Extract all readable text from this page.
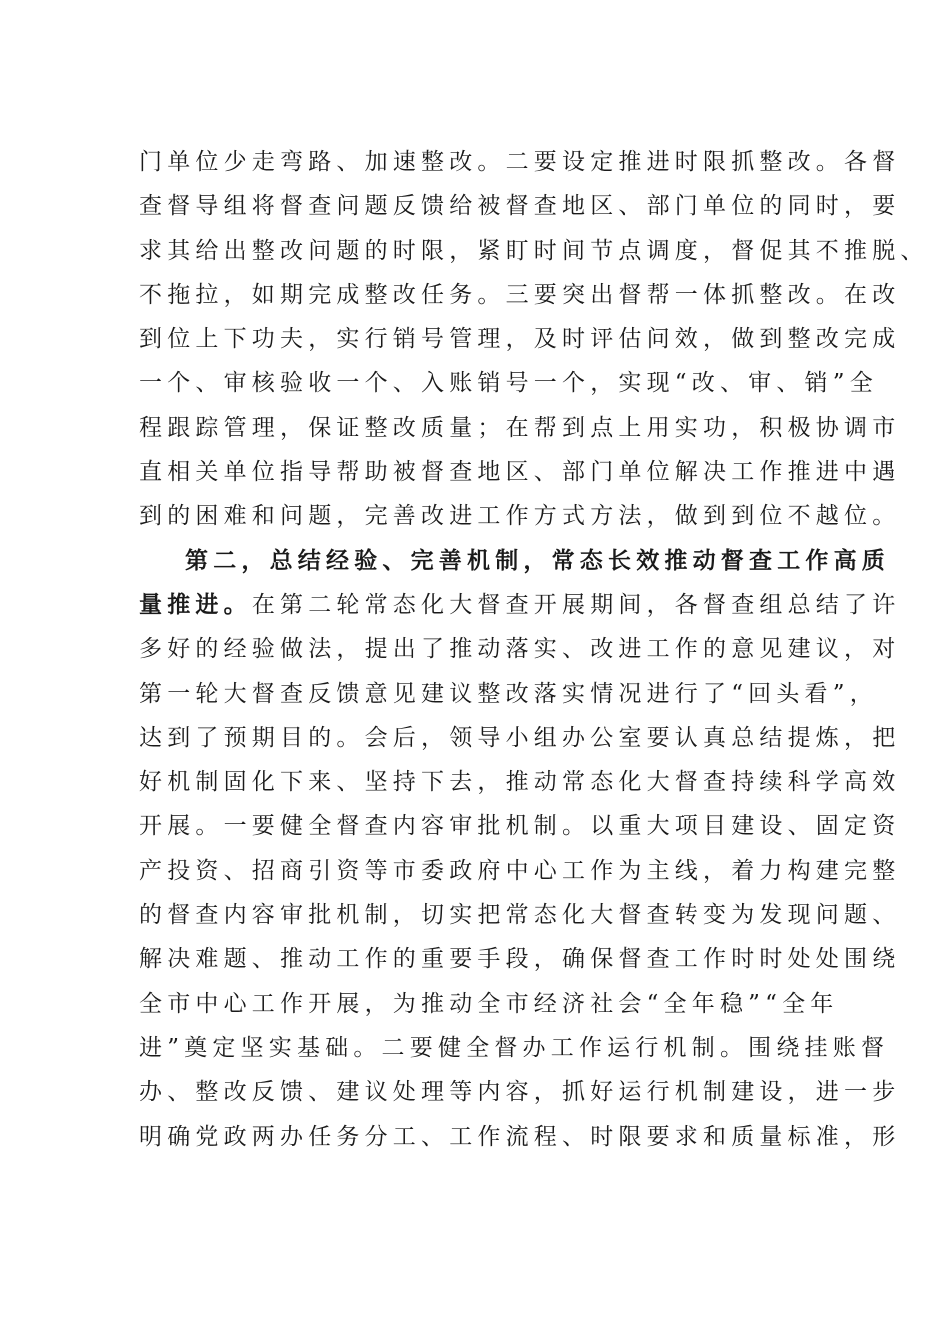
门单位少走弯路、加速整改。二要设定推进时限抓整改。各督
查督导组将督查问题反馈给被督查地区、部门单位的同时，要
求其给出整改问题的时限，紧盯时间节点调度，督促其不推脱、
不拖拉，如期完成整改任务。三要突出督帮一体抓整改。在改
到位上下功夫，实行销号管理，及时评估问效，做到整改完成
一个、审核验收一个、入账销号一个，实现“改、审、销”全
程跟踪管理，保证整改质量；在帮到点上用实功，积极协调市
直相关单位指导帮助被督查地区、部门单位解决工作推进中遇
到的困难和问题，完善改进工作方式方法，做到到位不越位。
第二，总结经验、完善机制，常态长效推动督查工作高质
量推进。在第二轮常态化大督查开展期间，各督查组总结了许
多好的经验做法，提出了推动落实、改进工作的意见建议，对
第一轮大督查反馈意见建议整改落实情况进行了“回头看”，
达到了预期目的。会后，领导小组办公室要认真总结提炼，把
好机制固化下来、坚持下去，推动常态化大督查持续科学高效
开展。一要健全督查内容审批机制。以重大项目建设、固定资
产投资、招商引资等市委政府中心工作为主线，着力构建完整
的督查内容审批机制，切实把常态化大督查转变为发现问题、
解决难题、推动工作的重要手段，确保督查工作时时处处围绕
全市中心工作开展，为推动全市经济社会“全年稳”“全年
进”奠定坚实基础。二要健全督办工作运行机制。围绕挂账督
办、整改反馈、建议处理等内容，抓好运行机制建设，进一步
明确党政两办任务分工、工作流程、时限要求和质量标准，形
